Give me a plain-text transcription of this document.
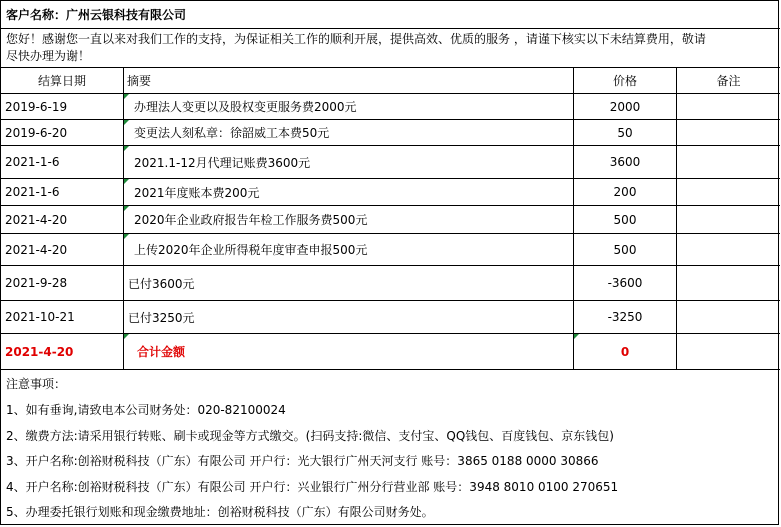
客户名称： 广州云银科技有限公司
您好！感谢您一直以来对我们工作的支持，为保证相关工作的顺利开展，提供高效、优质的服务 ，请谨下核实以下未结算费用，敬请
尽快办理为谢！
结算日期	摘要	价格	备注
2019-6-19	办理法人变更以及股权变更服务费2000元	2000
2019-6-20	变更法人刻私章：徐韶威工本费50元	50
2021-1-6	2021.1-12月代理记账费3600元	3600
2021-1-6	2021年度账本费200元	200
2021-4-20	2020年企业政府报告年检工作服务费500元	500
2021-4-20	上传2020年企业所得税年度审查申报500元	500
2021-9-28	已付3600元	-3600
2021-10-21	已付3250元	-3250
2021-4-20	合计金额	0
注意事项：
1、如有垂询,请致电本公司财务处：020-82100024
2、缴费方法:请采用银行转账、刷卡或现金等方式缴交。(扫码支持:微信、支付宝、QQ钱包、百度钱包、京东钱包)
3、开户名称:创裕财税科技（广东）有限公司 开户行：光大银行广州天河支行 账号：3865 0188 0000 30866
4、开户名称:创裕财税科技（广东）有限公司 开户行：兴业银行广州分行营业部 账号：3948 8010 0100 270651
5、办理委托银行划账和现金缴费地址：创裕财税科技（广东）有限公司财务处。
